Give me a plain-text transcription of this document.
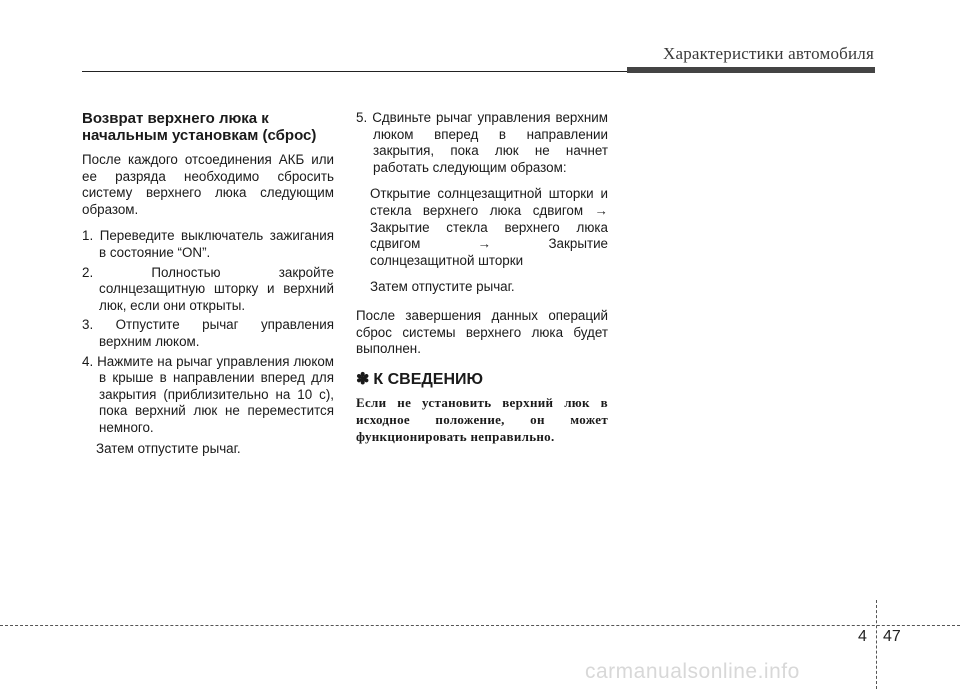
Характеристики автомобиля
Возврат верхнего люка к начальным установкам (сброс)
После каждого отсоединения АКБ или ее разряда необходимо сбросить систему верхнего люка следующим образом.
1. Переведите выключатель зажигания в состояние “ON”.
2. Полностью закройте солнцезащитную шторку и верхний люк, если они открыты.
3. Отпустите рычаг управления верхним люком.
4. Нажмите на рычаг управления люком в крыше в направлении вперед для закрытия (приблизительно на 10 с), пока верхний люк не переместится немного.
Затем отпустите рычаг.
5. Сдвиньте рычаг управления верхним люком вперед в направлении закрытия, пока люк не начнет работать следующим образом:
Открытие солнцезащитной шторки и стекла верхнего люка сдвигом → Закрытие стекла верхнего люка сдвигом → Закрытие солнцезащитной шторки
Затем отпустите рычаг.
После завершения данных операций сброс системы верхнего люка будет выполнен.
✽ К СВЕДЕНИЮ
Если не установить верхний люк в исходное положение, он может функционировать неправильно.
4 47
carmanualsonline.info
